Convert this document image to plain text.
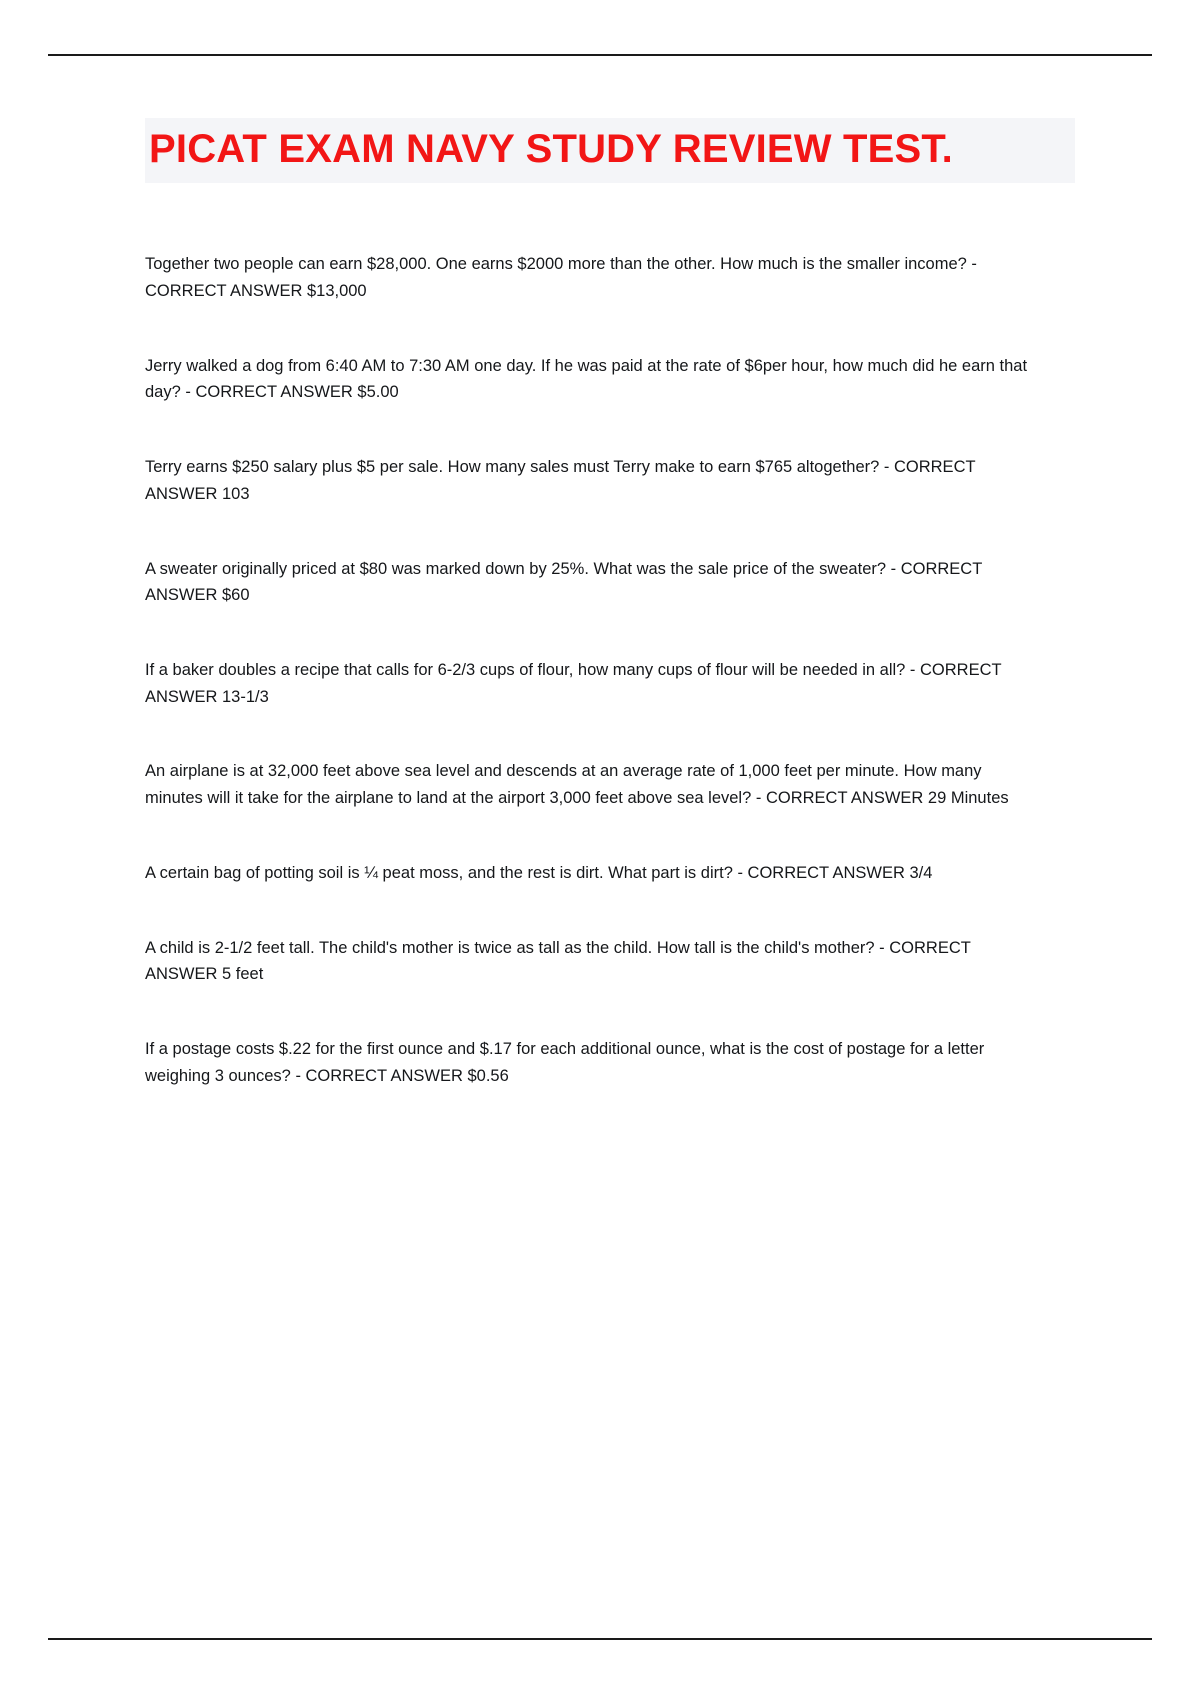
PICAT EXAM NAVY STUDY REVIEW TEST.

Together two people can earn $28,000. One earns $2000 more than the other. How much is the smaller income? - CORRECT ANSWER $13,000

Jerry walked a dog from 6:40 AM to 7:30 AM one day. If he was paid at the rate of $6per hour, how much did he earn that day? - CORRECT ANSWER $5.00

Terry earns $250 salary plus $5 per sale. How many sales must Terry make to earn $765 altogether? - CORRECT ANSWER 103

A sweater originally priced at $80 was marked down by 25%. What was the sale price of the sweater? - CORRECT ANSWER $60

If a baker doubles a recipe that calls for 6-2/3 cups of flour, how many cups of flour will be needed in all? - CORRECT ANSWER 13-1/3

An airplane is at 32,000 feet above sea level and descends at an average rate of 1,000 feet per minute. How many minutes will it take for the airplane to land at the airport 3,000 feet above sea level? - CORRECT ANSWER 29 Minutes

A certain bag of potting soil is ¼ peat moss, and the rest is dirt. What part is dirt? - CORRECT ANSWER 3/4

A child is 2-1/2 feet tall. The child's mother is twice as tall as the child. How tall is the child's mother? - CORRECT ANSWER 5 feet

If a postage costs $.22 for the first ounce and $.17 for each additional ounce, what is the cost of postage for a letter weighing 3 ounces? - CORRECT ANSWER $0.56
